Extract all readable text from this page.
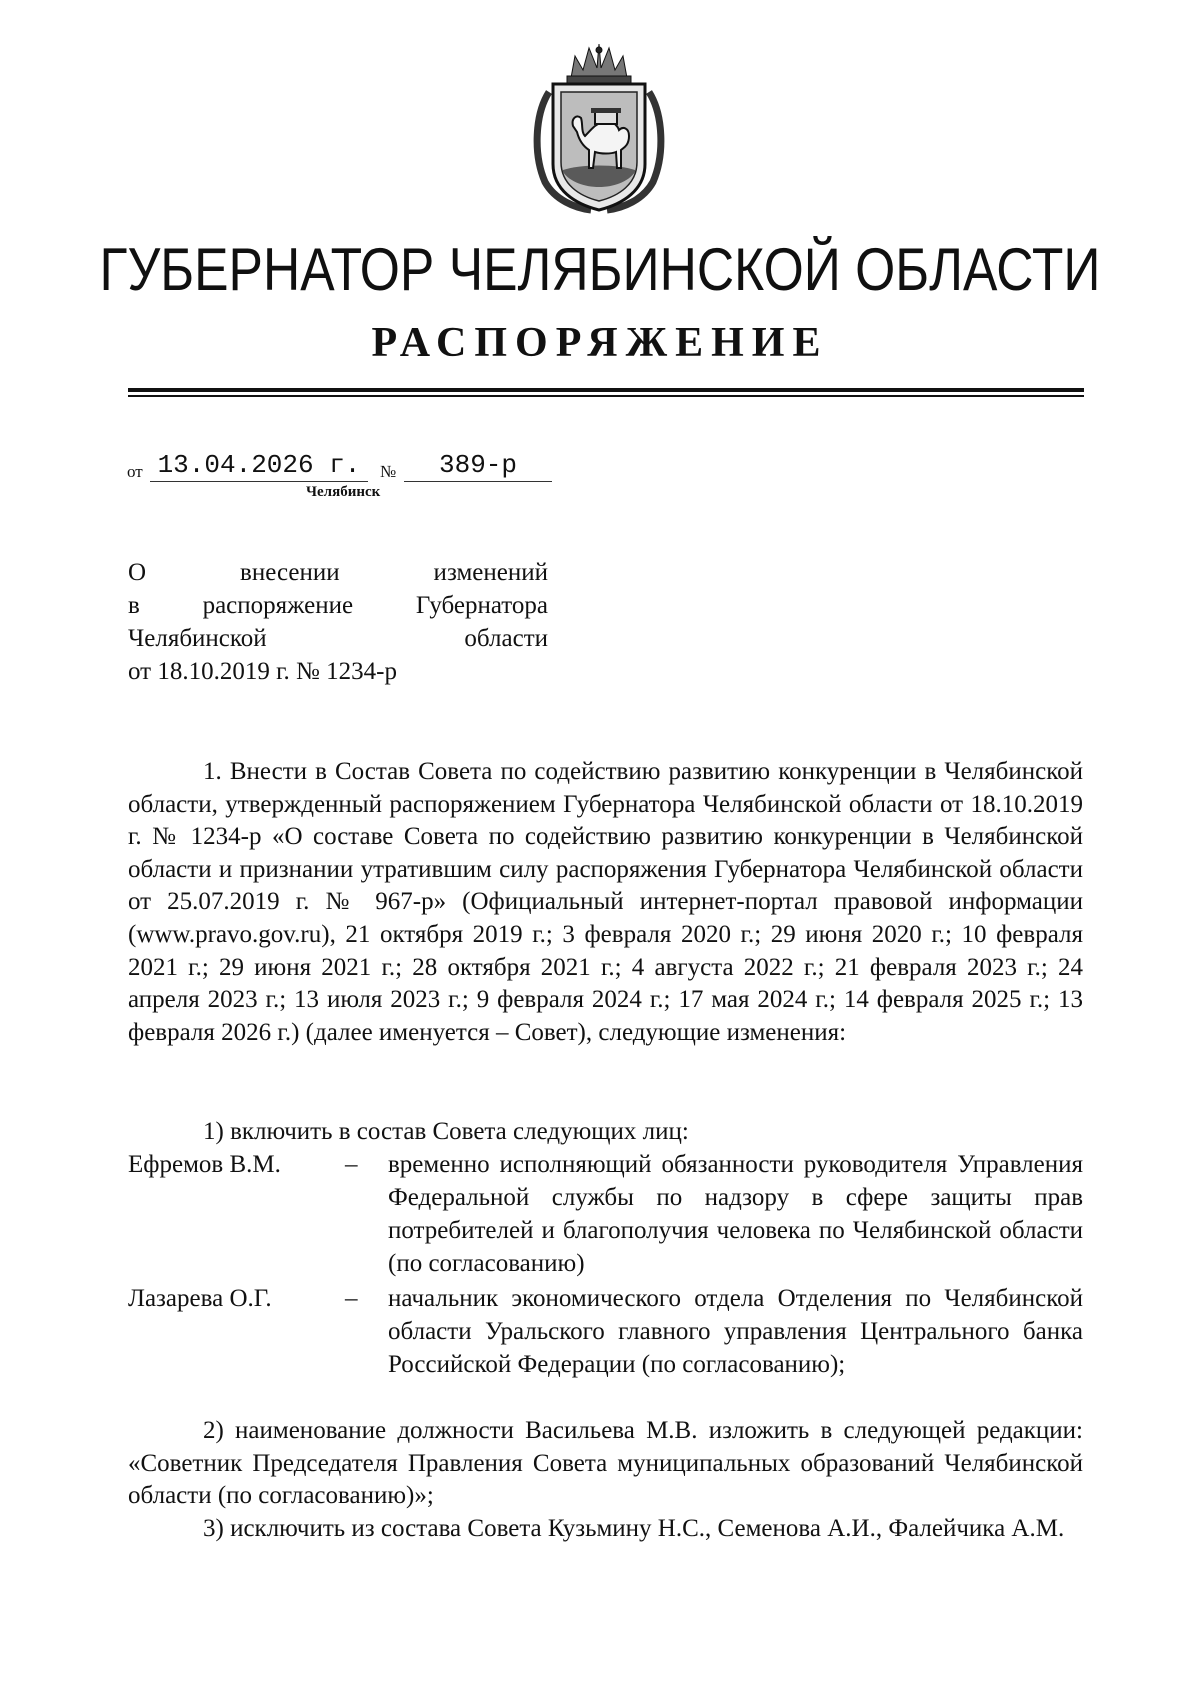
ГУБЕРНАТОР ЧЕЛЯБИНСКОЙ ОБЛАСТИ
РАСПОРЯЖЕНИЕ
от 13.04.2026 г.	№	389-р
Челябинск
О внесении изменений
в распоряжение Губернатора
Челябинской области
от 18.10.2019 г. № 1234-р
1. Внести в Состав Совета по содействию развитию конкуренции в Челябинской области, утвержденный распоряжением Губернатора Челябинской области от 18.10.2019 г. № 1234-р «О составе Совета по содействию развитию конкуренции в Челябинской области и признании утратившим силу распоряжения Губернатора Челябинской области от 25.07.2019 г. № 967-р» (Официальный интернет-портал правовой информации (www.pravo.gov.ru), 21 октября 2019 г.; 3 февраля 2020 г.; 29 июня 2020 г.; 10 февраля 2021 г.; 29 июня 2021 г.; 28 октября 2021 г.; 4 августа 2022 г.; 21 февраля 2023 г.; 24 апреля 2023 г.; 13 июля 2023 г.; 9 февраля 2024 г.; 17 мая 2024 г.; 14 февраля 2025 г.; 13 февраля 2026 г.) (далее именуется – Совет), следующие изменения:
1) включить в состав Совета следующих лиц:
Ефремов В.М.	– временно исполняющий обязанности руководителя Управления Федеральной службы по надзору в сфере защиты прав потребителей и благополучия человека по Челябинской области (по согласованию)
Лазарева О.Г.	– начальник экономического отдела Отделения по Челябинской области Уральского главного управления Центрального банка Российской Федерации (по согласованию);
2) наименование должности Васильева М.В. изложить в следующей редакции: «Советник Председателя Правления Совета муниципальных образований Челябинской области (по согласованию)»;
3) исключить из состава Совета Кузьмину Н.С., Семенова А.И., Фалейчика А.М.
